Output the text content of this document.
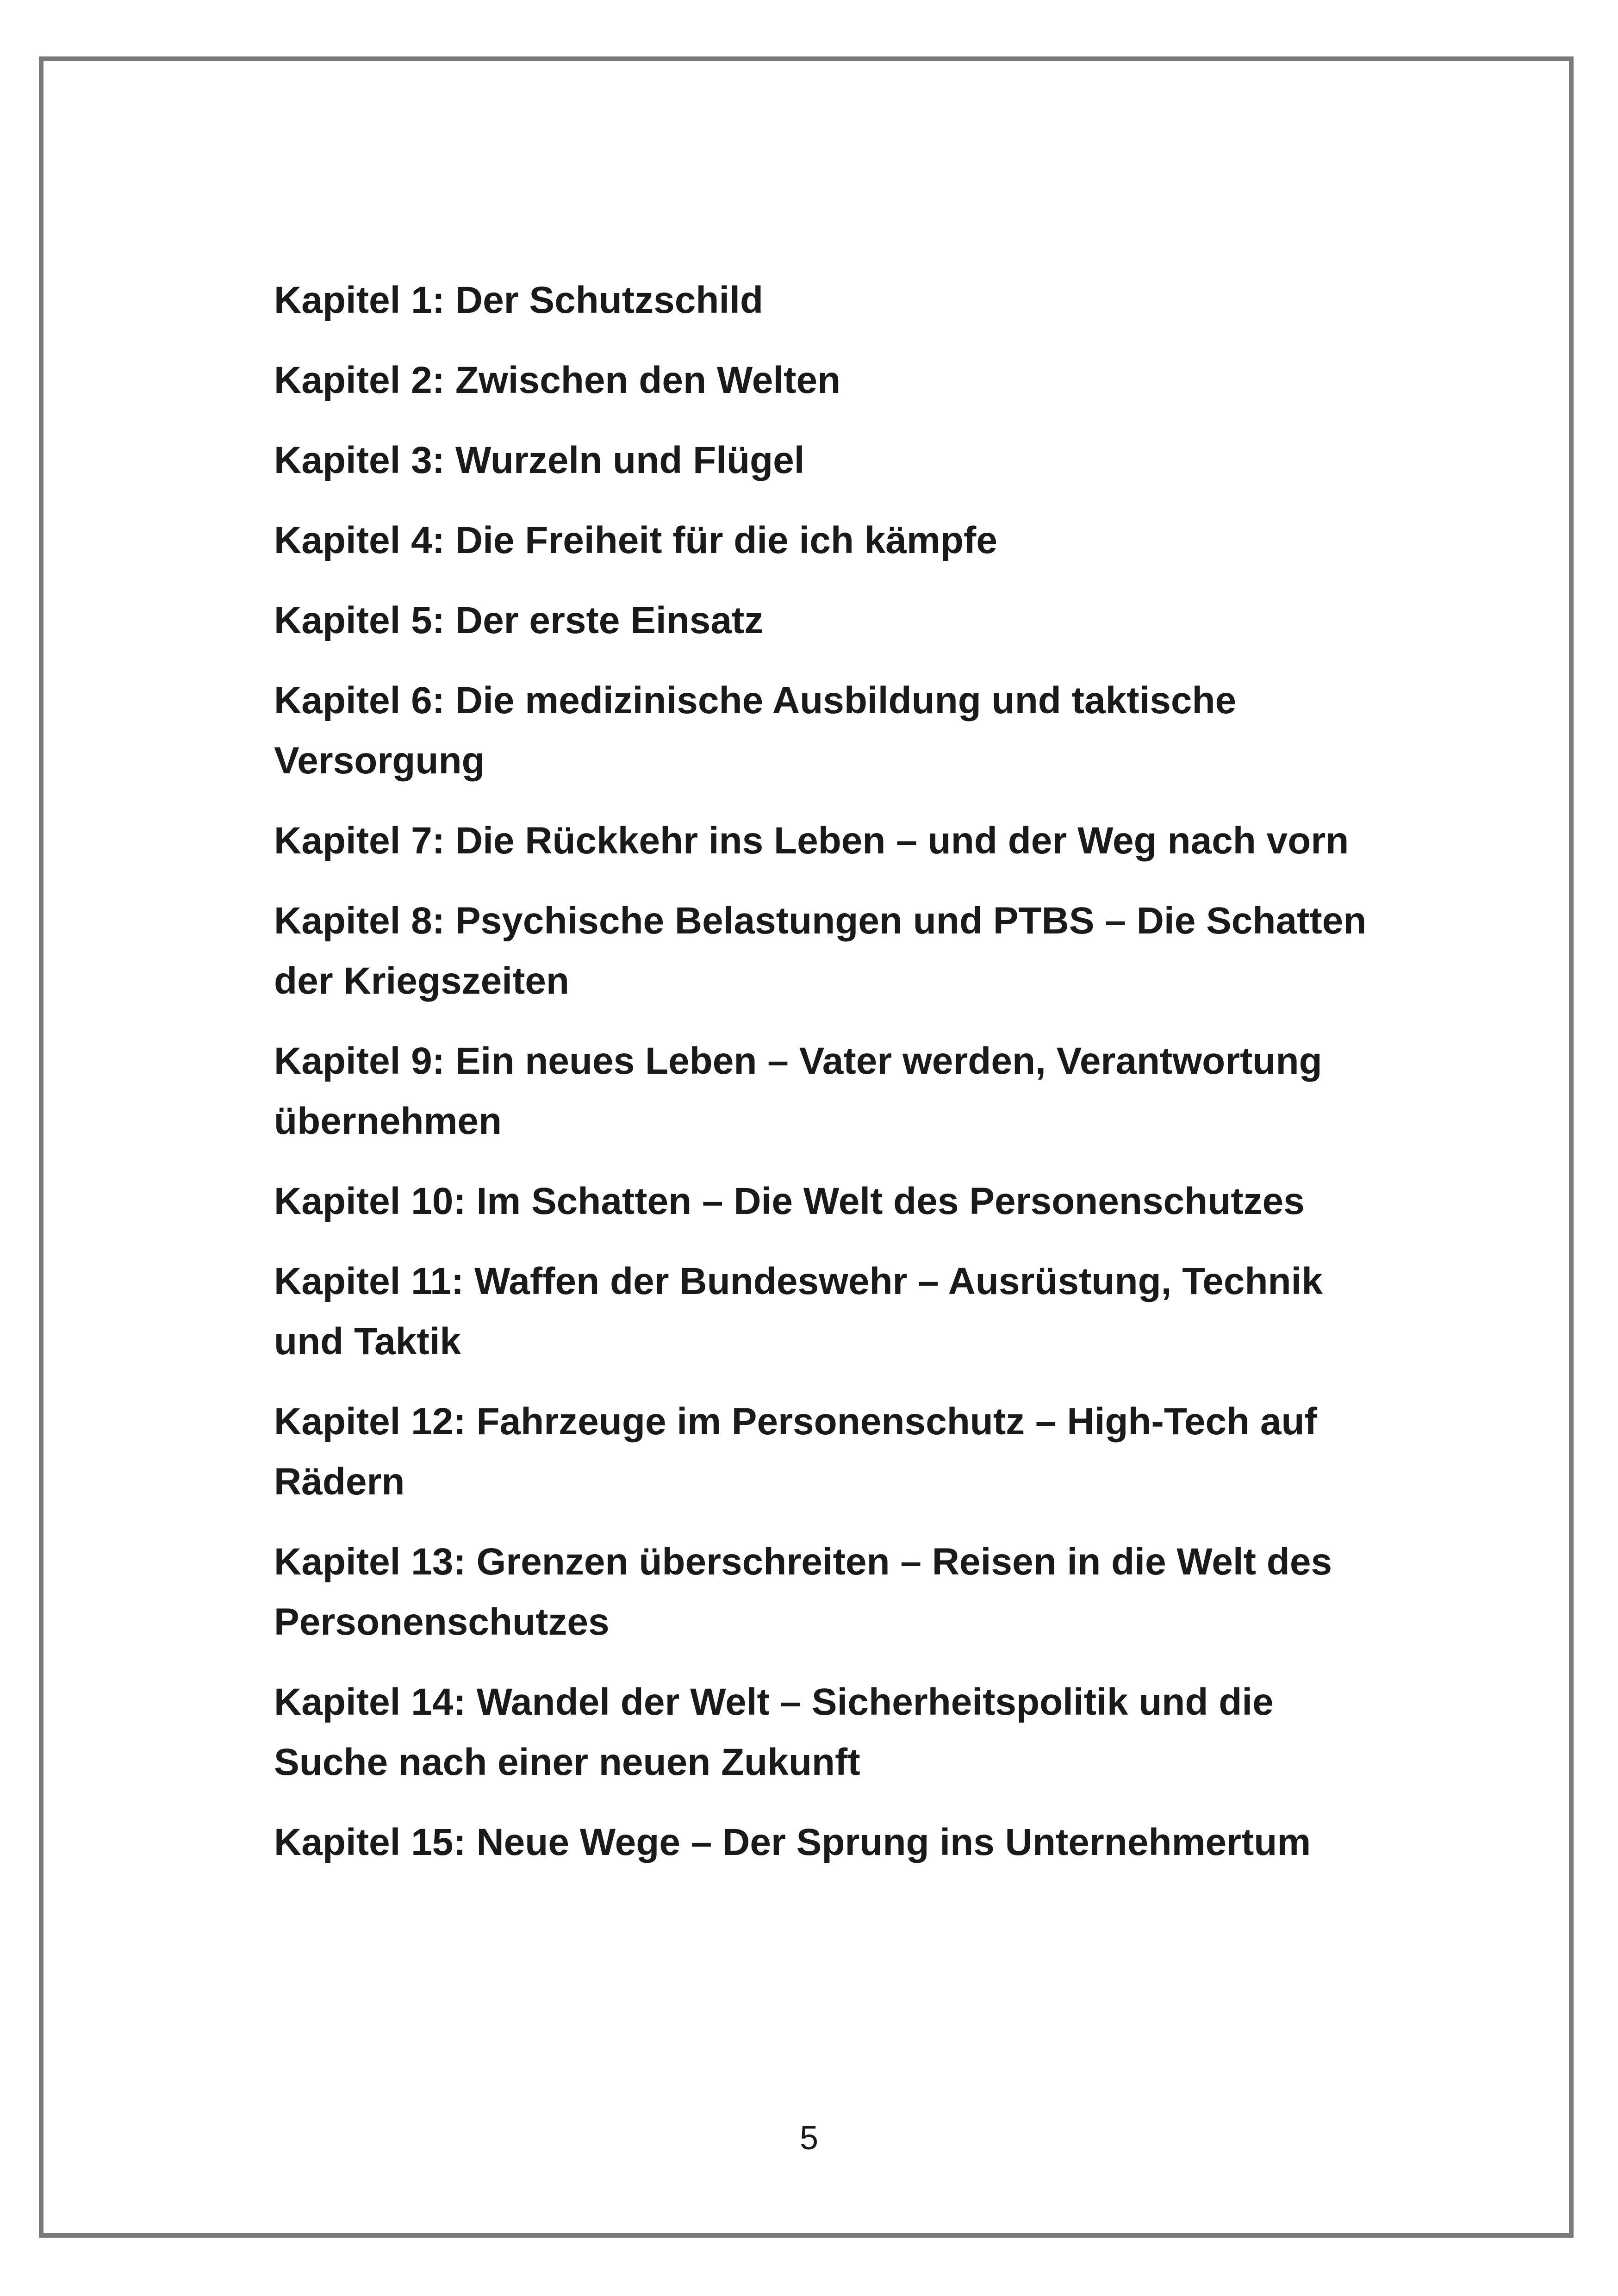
Kapitel 1: Der Schutzschild
Kapitel 2: Zwischen den Welten
Kapitel 3: Wurzeln und Flügel
Kapitel 4: Die Freiheit für die ich kämpfe
Kapitel 5: Der erste Einsatz
Kapitel 6: Die medizinische Ausbildung und taktische Versorgung
Kapitel 7: Die Rückkehr ins Leben – und der Weg nach vorn
Kapitel 8: Psychische Belastungen und PTBS – Die Schatten der Kriegszeiten
Kapitel 9: Ein neues Leben – Vater werden, Verantwortung übernehmen
Kapitel 10: Im Schatten – Die Welt des Personenschutzes
Kapitel 11: Waffen der Bundeswehr – Ausrüstung, Technik und Taktik
Kapitel 12: Fahrzeuge im Personenschutz – High-Tech auf Rädern
Kapitel 13: Grenzen überschreiten – Reisen in die Welt des Personenschutzes
Kapitel 14: Wandel der Welt – Sicherheitspolitik und die Suche nach einer neuen Zukunft
Kapitel 15: Neue Wege – Der Sprung ins Unternehmertum
5
